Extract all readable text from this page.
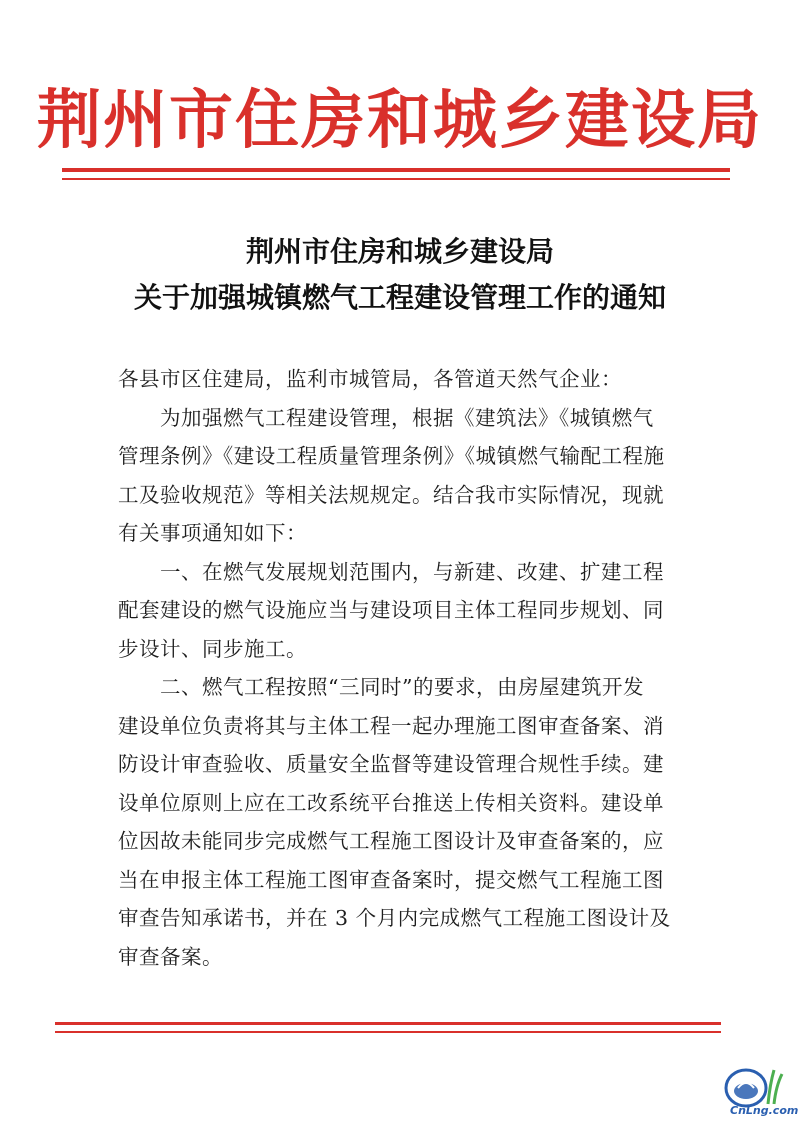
荆州市住房和城乡建设局
荆州市住房和城乡建设局
关于加强城镇燃气工程建设管理工作的通知
各县市区住建局，监利市城管局，各管道天然气企业：
为加强燃气工程建设管理，根据《建筑法》《城镇燃气
管理条例》《建设工程质量管理条例》《城镇燃气输配工程施
工及验收规范》等相关法规规定。结合我市实际情况，现就
有关事项通知如下：
一、在燃气发展规划范围内，与新建、改建、扩建工程
配套建设的燃气设施应当与建设项目主体工程同步规划、同
步设计、同步施工。
二、燃气工程按照“三同时”的要求，由房屋建筑开发
建设单位负责将其与主体工程一起办理施工图审查备案、消
防设计审查验收、质量安全监督等建设管理合规性手续。建
设单位原则上应在工改系统平台推送上传相关资料。建设单
位因故未能同步完成燃气工程施工图设计及审查备案的，应
当在申报主体工程施工图审查备案时，提交燃气工程施工图
审查告知承诺书，并在 3 个月内完成燃气工程施工图设计及
审查备案。
CnLng.com
